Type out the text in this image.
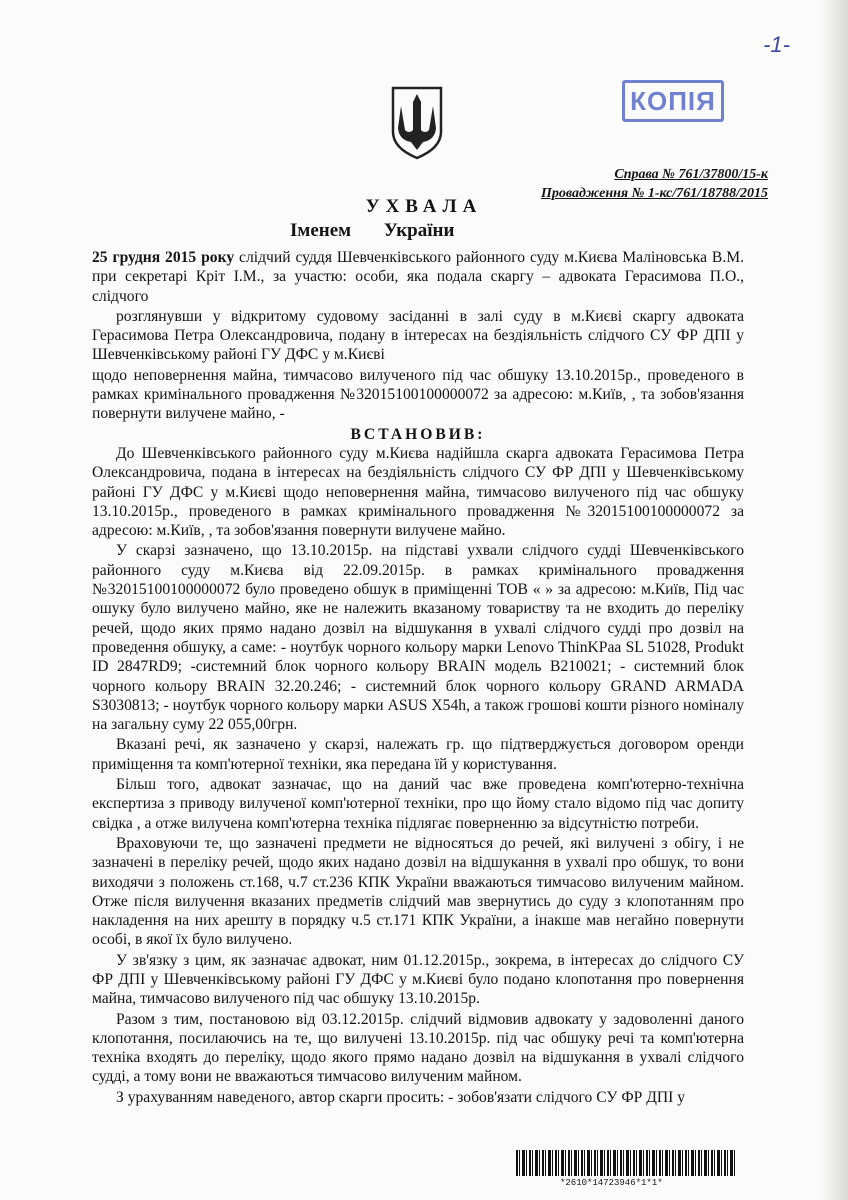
-1-
КОПІЯ
Справа № 761/37800/15-к
Провадження № 1-кс/761/18788/2015
УХВАЛА
Іменем України

25 грудня 2015 року слідчий суддя Шевченківського районного суду м.Києва Маліновська В.М. при секретарі Кріт І.М., за участю: особи, яка подала скаргу – адвоката Герасимова П.О., слідчого

розглянувши у відкритому судовому засіданні в залі суду в м.Києві скаргу адвоката Герасимова Петра Олександровича, подану в інтересах на бездіяльність слідчого СУ ФР ДПІ у Шевченківському районі ГУ ДФС у м.Києві

щодо неповернення майна, тимчасово вилученого під час обшуку 13.10.2015р., проведеного в рамках кримінального провадження №32015100100000072 за адресою: м.Київ, , та зобов'язання повернути вилучене майно, -

ВСТАНОВИВ:

До Шевченківського районного суду м.Києва надійшла скарга адвоката Герасимова Петра Олександровича, подана в інтересах на бездіяльність слідчого СУ ФР ДПІ у Шевченківському районі ГУ ДФС у м.Києві щодо неповернення майна, тимчасово вилученого під час обшуку 13.10.2015р., проведеного в рамках кримінального провадження №32015100100000072 за адресою: м.Київ, , та зобов'язання повернути вилучене майно.

У скарзі зазначено, що 13.10.2015р. на підставі ухвали слідчого судді Шевченківського районного суду м.Києва від 22.09.2015р. в рамках кримінального провадження №32015100100000072 було проведено обшук в приміщенні ТОВ « » за адресою: м.Київ, Під час ошуку було вилучено майно, яке не належить вказаному товариству та не входить до переліку речей, щодо яких прямо надано дозвіл на відшукання в ухвалі слідчого судді про дозвіл на проведення обшуку, а саме: - ноутбук чорного кольору марки Lenovo ThinKPaa SL 51028, Produkt ID 2847RD9; -системний блок чорного кольору BRAIN модель B210021; - системний блок чорного кольору BRAIN 32.20.246; - системний блок чорного кольору GRAND ARMADA S3030813; - ноутбук чорного кольору марки ASUS X54h, а також грошові кошти різного номіналу на загальну суму 22 055,00грн.

Вказані речі, як зазначено у скарзі, належать гр. що підтверджується договором оренди приміщення та комп'ютерної техніки, яка передана їй у користування.

Більш того, адвокат зазначає, що на даний час вже проведена комп'ютерно-технічна експертиза з приводу вилученої комп'ютерної техніки, про що йому стало відомо під час допиту свідка , а отже вилучена комп'ютерна техніка підлягає поверненню за відсутністю потреби.

Враховуючи те, що зазначені предмети не відносяться до речей, які вилучені з обігу, і не зазначені в переліку речей, щодо яких надано дозвіл на відшукання в ухвалі про обшук, то вони виходячи з положень ст.168, ч.7 ст.236 КПК України вважаються тимчасово вилученим майном. Отже після вилучення вказаних предметів слідчий мав звернутись до суду з клопотанням про накладення на них арешту в порядку ч.5 ст.171 КПК України, а інакше мав негайно повернути особі, в якої їх було вилучено.

У зв'язку з цим, як зазначає адвокат, ним 01.12.2015р., зокрема, в інтересах до слідчого СУ ФР ДПІ у Шевченківському районі ГУ ДФС у м.Києві було подано клопотання про повернення майна, тимчасово вилученого під час обшуку 13.10.2015р.

Разом з тим, постановою від 03.12.2015р. слідчий відмовив адвокату у задоволенні даного клопотання, посилаючись на те, що вилучені 13.10.2015р. під час обшуку речі та комп'ютерна техніка входять до переліку, щодо якого прямо надано дозвіл на відшукання в ухвалі слідчого судді, а тому вони не вважаються тимчасово вилученим майном.

З урахуванням наведеного, автор скарги просить: - зобов'язати слідчого СУ ФР ДПІ у

*2610*14723946*1*1*
